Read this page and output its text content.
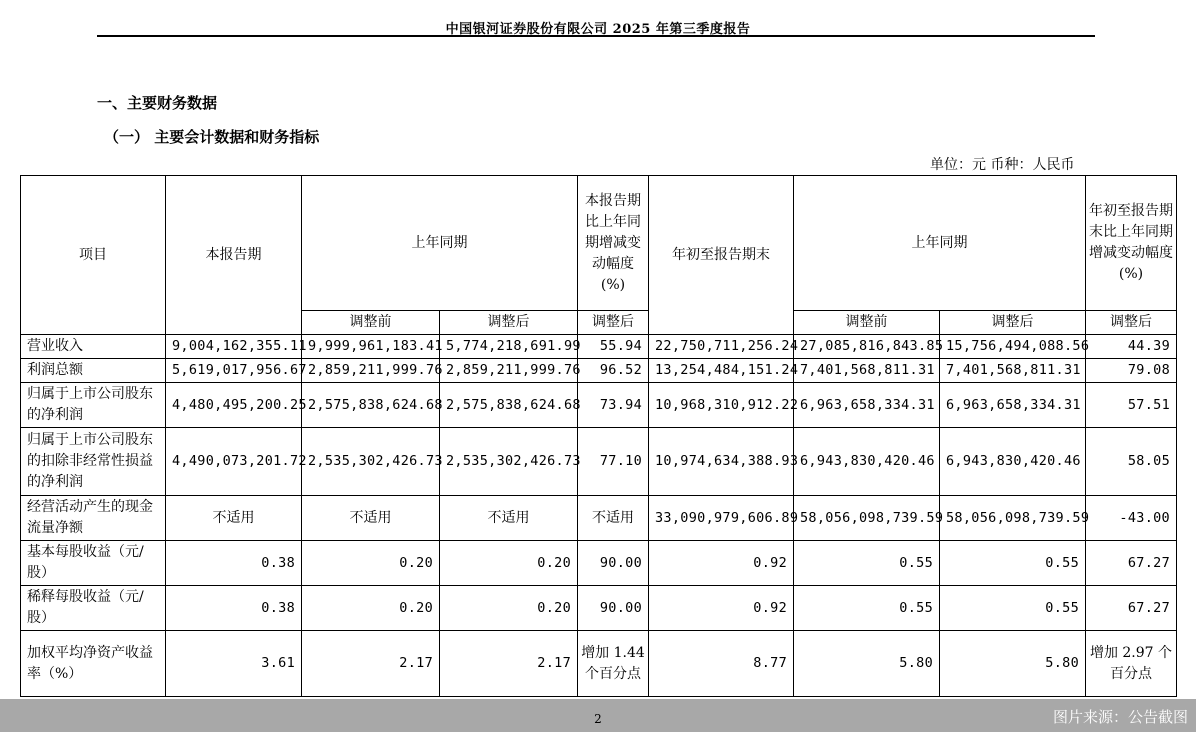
中国银河证券股份有限公司 2025 年第三季度报告
一、主要财务数据
（一） 主要会计数据和财务指标
单位：元 币种：人民币
项目	本报告期	上年同期		本报告期比上年同期增减变动幅度(%)	年初至报告期末	上年同期		年初至报告期末比上年同期增减变动幅度(%)
		调整前	调整后	调整后		调整前	调整后	调整后
营业收入	9,004,162,355.11	9,999,961,183.41	5,774,218,691.99	55.94	22,750,711,256.24	27,085,816,843.85	15,756,494,088.56	44.39
利润总额	5,619,017,956.67	2,859,211,999.76	2,859,211,999.76	96.52	13,254,484,151.24	7,401,568,811.31	7,401,568,811.31	79.08
归属于上市公司股东的净利润	4,480,495,200.25	2,575,838,624.68	2,575,838,624.68	73.94	10,968,310,912.22	6,963,658,334.31	6,963,658,334.31	57.51
归属于上市公司股东的扣除非经常性损益的净利润	4,490,073,201.72	2,535,302,426.73	2,535,302,426.73	77.10	10,974,634,388.93	6,943,830,420.46	6,943,830,420.46	58.05
经营活动产生的现金流量净额	不适用	不适用	不适用	不适用	33,090,979,606.89	58,056,098,739.59	58,056,098,739.59	-43.00
基本每股收益（元/股）	0.38	0.20	0.20	90.00	0.92	0.55	0.55	67.27
稀释每股收益（元/股）	0.38	0.20	0.20	90.00	0.92	0.55	0.55	67.27
加权平均净资产收益率（%）	3.61	2.17	2.17	增加 1.44 个百分点	8.77	5.80	5.80	增加 2.97 个百分点
2	图片来源：公告截图
